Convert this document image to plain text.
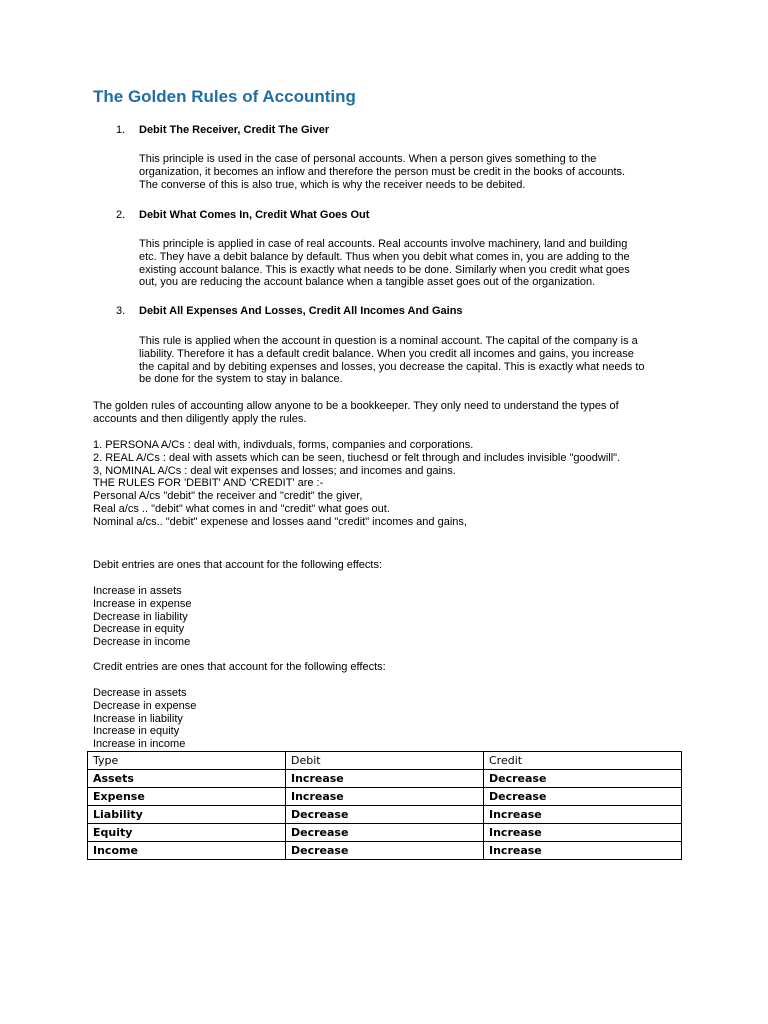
The Golden Rules of Accounting
1. Debit The Receiver, Credit The Giver
This principle is used in the case of personal accounts. When a person gives something to the
organization, it becomes an inflow and therefore the person must be credit in the books of accounts.
The converse of this is also true, which is why the receiver needs to be debited.
2. Debit What Comes In, Credit What Goes Out
This principle is applied in case of real accounts. Real accounts involve machinery, land and building
etc. They have a debit balance by default. Thus when you debit what comes in, you are adding to the
existing account balance. This is exactly what needs to be done. Similarly when you credit what goes
out, you are reducing the account balance when a tangible asset goes out of the organization.
3. Debit All Expenses And Losses, Credit All Incomes And Gains
This rule is applied when the account in question is a nominal account. The capital of the company is a
liability. Therefore it has a default credit balance. When you credit all incomes and gains, you increase
the capital and by debiting expenses and losses, you decrease the capital. This is exactly what needs to
be done for the system to stay in balance.
The golden rules of accounting allow anyone to be a bookkeeper. They only need to understand the types of
accounts and then diligently apply the rules.
1. PERSONA A/Cs : deal with, indivduals, forms, companies and corporations.
2. REAL A/Cs : deal with assets which can be seen, tiuchesd or felt through and includes invisible "goodwill".
3, NOMINAL A/Cs : deal wit expenses and losses; and incomes and gains.
THE RULES FOR 'DEBIT' AND 'CREDIT' are :-
Personal A/cs "debit" the receiver and "credit" the giver,
Real a/cs .. "debit" what comes in and "credit" what goes out.
Nominal a/cs.. "debit" expenese and losses aand "credit" incomes and gains,
Debit entries are ones that account for the following effects:
Increase in assets
Increase in expense
Decrease in liability
Decrease in equity
Decrease in income
Credit entries are ones that account for the following effects:
Decrease in assets
Decrease in expense
Increase in liability
Increase in equity
Increase in income
Type	Debit	Credit
Assets	Increase	Decrease
Expense	Increase	Decrease
Liability	Decrease	Increase
Equity	Decrease	Increase
Income	Decrease	Increase
